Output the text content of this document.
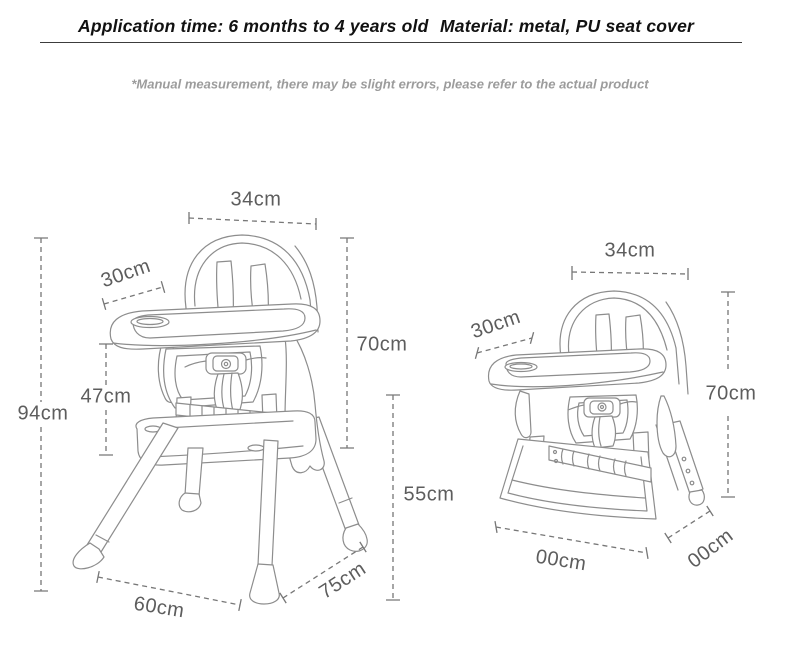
Application time: 6 months to 4 years old Material: metal, PU seat cover
*Manual measurement, there may be slight errors, please refer to the actual product
34cm
30cm
70cm
47cm
94cm
55cm
60cm
75cm
34cm
30cm
70cm
00cm	00cm
